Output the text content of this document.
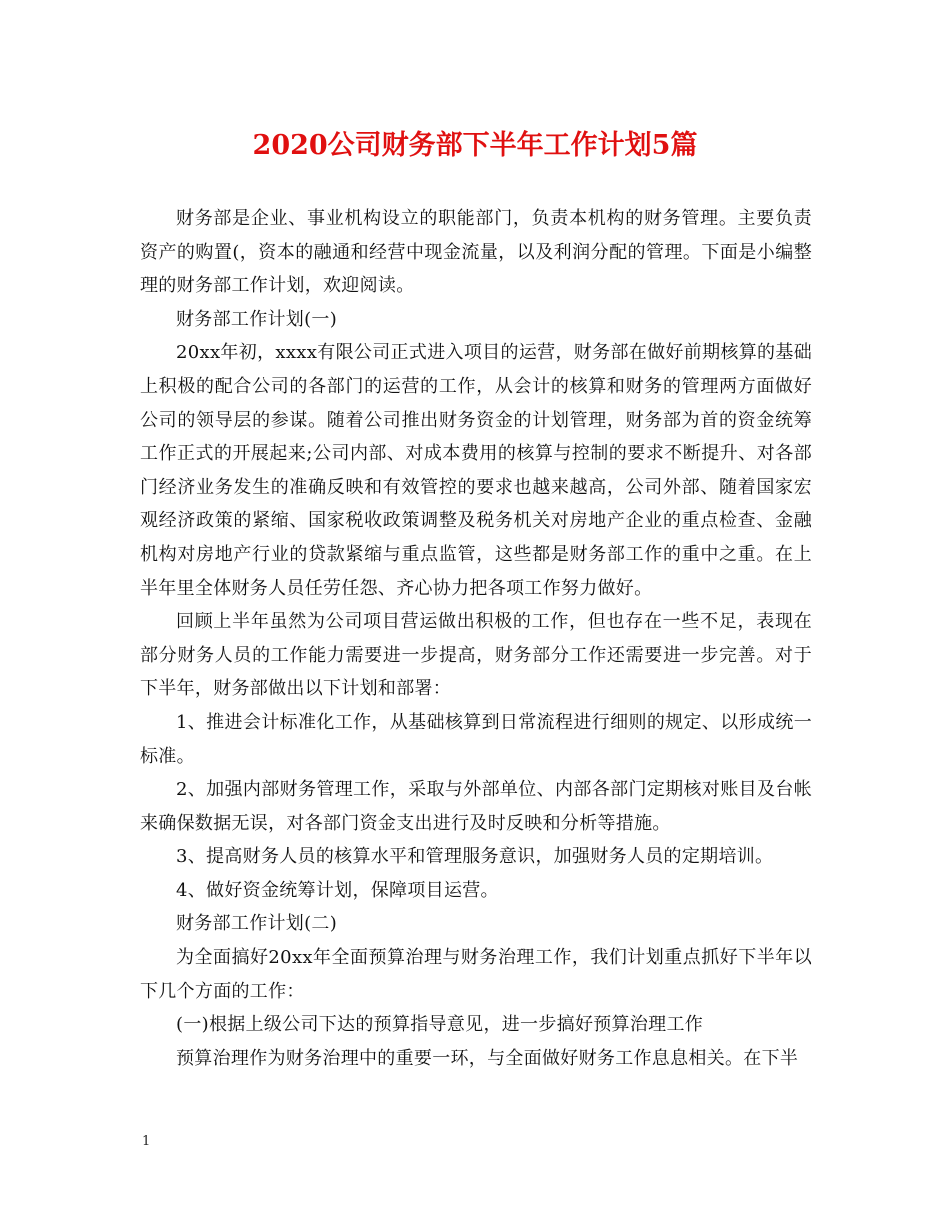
2020公司财务部下半年工作计划5篇

财务部是企业、事业机构设立的职能部门，负责本机构的财务管理。主要负责资产的购置(，资本的融通和经营中现金流量，以及利润分配的管理。下面是小编整理的财务部工作计划，欢迎阅读。

财务部工作计划(一)

20xx年初，xxxx有限公司正式进入项目的运营，财务部在做好前期核算的基础上积极的配合公司的各部门的运营的工作，从会计的核算和财务的管理两方面做好公司的领导层的参谋。随着公司推出财务资金的计划管理，财务部为首的资金统筹工作正式的开展起来;公司内部、对成本费用的核算与控制的要求不断提升、对各部门经济业务发生的准确反映和有效管控的要求也越来越高，公司外部、随着国家宏观经济政策的紧缩、国家税收政策调整及税务机关对房地产企业的重点检查、金融机构对房地产行业的贷款紧缩与重点监管，这些都是财务部工作的重中之重。在上半年里全体财务人员任劳任怨、齐心协力把各项工作努力做好。

回顾上半年虽然为公司项目营运做出积极的工作，但也存在一些不足，表现在部分财务人员的工作能力需要进一步提高，财务部分工作还需要进一步完善。对于下半年，财务部做出以下计划和部署：

1、推进会计标准化工作，从基础核算到日常流程进行细则的规定、以形成统一标准。

2、加强内部财务管理工作，采取与外部单位、内部各部门定期核对账目及台帐来确保数据无误，对各部门资金支出进行及时反映和分析等措施。

3、提高财务人员的核算水平和管理服务意识，加强财务人员的定期培训。

4、做好资金统筹计划，保障项目运营。

财务部工作计划(二)

为全面搞好20xx年全面预算治理与财务治理工作，我们计划重点抓好下半年以下几个方面的工作：

(一)根据上级公司下达的预算指导意见，进一步搞好预算治理工作

预算治理作为财务治理中的重要一环，与全面做好财务工作息息相关。在下半

1
